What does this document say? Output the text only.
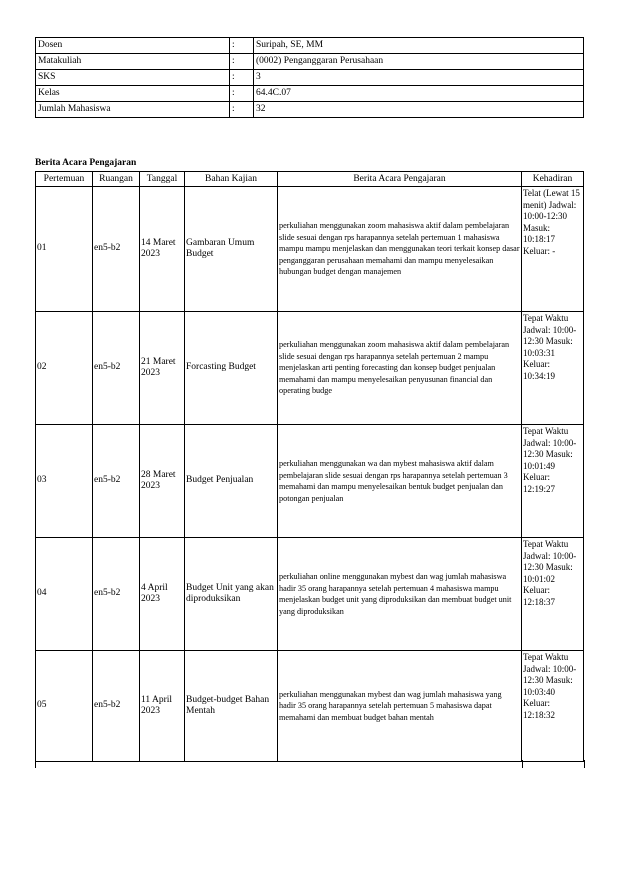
Dosen	:	Suripah, SE, MM
Matakuliah	:	(0002) Penganggaran Perusahaan
SKS	:	3
Kelas	:	64.4C.07
Jumlah Mahasiswa	:	32
Berita Acara Pengajaran
Pertemuan	Ruangan	Tanggal	Bahan Kajian	Berita Acara Pengajaran	Kehadiran
01	en5-b2	14 Maret 2023	Gambaran Umum Budget	perkuliahan menggunakan zoom mahasiswa aktif dalam pembelajaran slide sesuai dengan rps harapannya setelah pertemuan 1 mahasiswa mampu mampu menjelaskan dan menggunakan teori terkait konsep dasar penganggaran perusahaan memahami dan mampu menyelesaikan hubungan budget dengan manajemen	Telat (Lewat 15 menit) Jadwal: 10:00-12:30 Masuk: 10:18:17 Keluar: -
02	en5-b2	21 Maret 2023	Forcasting Budget	perkuliahan menggunakan zoom mahasiswa aktif dalam pembelajaran slide sesuai dengan rps harapannya setelah pertemuan 2 mampu menjelaskan arti penting forecasting dan konsep budget penjualan memahami dan mampu menyelesaikan penyusunan financial dan operating budge	Tepat Waktu Jadwal: 10:00-12:30 Masuk: 10:03:31 Keluar: 10:34:19
03	en5-b2	28 Maret 2023	Budget Penjualan	perkuliahan menggunakan wa dan mybest mahasiswa aktif dalam pembelajaran slide sesuai dengan rps harapannya setelah pertemuan 3 memahami dan mampu menyelesaikan bentuk budget penjualan dan potongan penjualan	Tepat Waktu Jadwal: 10:00-12:30 Masuk: 10:01:49 Keluar: 12:19:27
04	en5-b2	4 April 2023	Budget Unit yang akan diproduksikan	perkuliahan online menggunakan mybest dan wag jumlah mahasiswa hadir 35 orang harapannya setelah pertemuan 4 mahasiswa mampu menjelaskan budget unit yang diproduksikan dan membuat budget unit yang diproduksikan	Tepat Waktu Jadwal: 10:00-12:30 Masuk: 10:01:02 Keluar: 12:18:37
05	en5-b2	11 April 2023	Budget-budget Bahan Mentah	perkuliahan menggunakan mybest dan wag jumlah mahasiswa yang hadir 35 orang harapannya setelah pertemuan 5 mahasiswa dapat memahami dan membuat budget bahan mentah	Tepat Waktu Jadwal: 10:00-12:30 Masuk: 10:03:40 Keluar: 12:18:32
